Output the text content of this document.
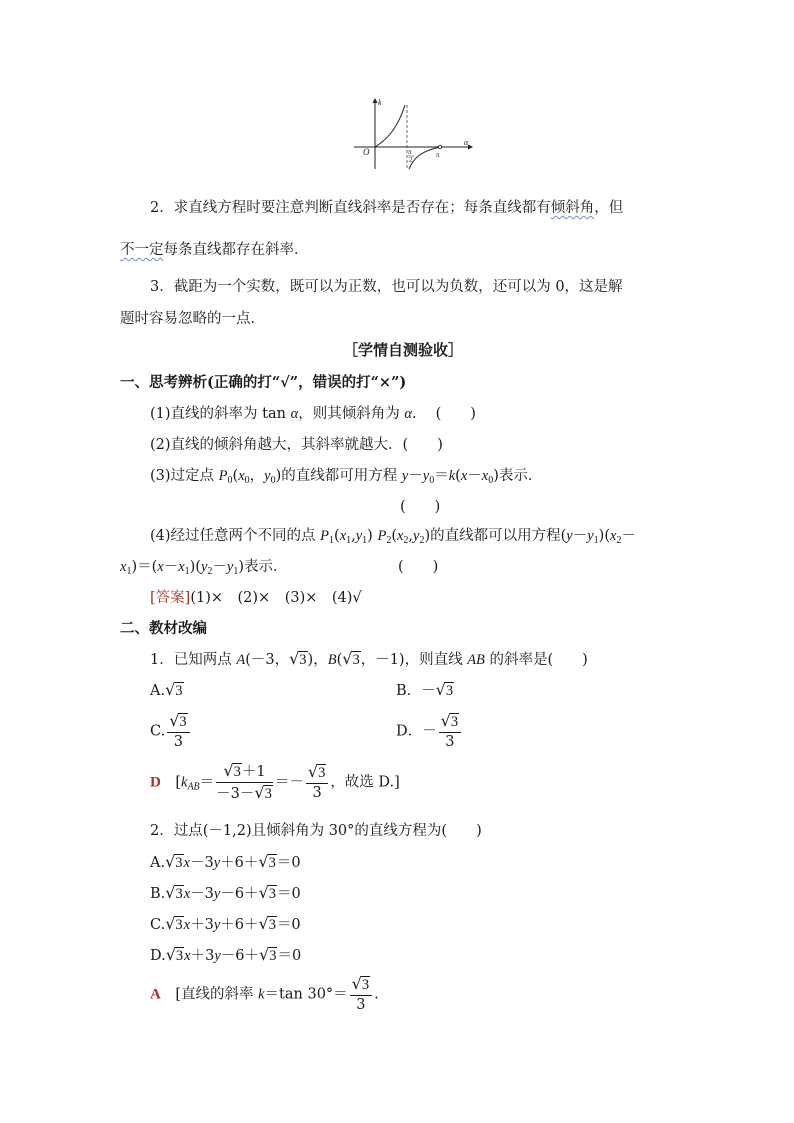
k
O	π
2
π
α
2．求直线方程时要注意判断直线斜率是否存在；每条直线都有倾斜角，但
不一定每条直线都存在斜率．
3．截距为一个实数，既可以为正数，也可以为负数，还可以为 0，这是解
题时容易忽略的一点．
［学情自测验收］
一、思考辨析(正确的打“√”，错误的打“×”)
(1)直线的斜率为 tan α，则其倾斜角为 α.　 (　　)
(2)直线的倾斜角越大，其斜率就越大．(　　)
(3)过定点 $P_0(x_0$，$y_0$)的直线都可用方程 $y-y_0=k(x-x_0)$表示．
(　　)
(4)经过任意两个不同的点 $P_1(x_1,y_1)$ $P_2(x_2,y_2)$的直线都可以用方程$(y-y_1)(x_2-$
$x_1)=(x-x_1)(y_2-y_1)$表示．	(　　)
[答案](1)×　(2)×　(3)×　(4)√
二、教材改编
1．已知两点 A(－3，√3)，B(√3，－1)，则直线 AB 的斜率是(　　)
A.√3	B．－√3
C. $\frac{√3}{3}$	D．－ $\frac{√3}{3}$
D　[$k_{AB}= \frac{√3+1}{-3-√3} =- \frac{√3}{3}$ ，故选 D.]
2．过点(－1,2)且倾斜角为 30°的直线方程为(　　)
A.√3x－3y＋6＋√3＝0
B.√3x－3y－6＋√3＝0
C.√3x＋3y＋6＋√3＝0
D.√3x＋3y－6＋√3＝0
A　[直线的斜率 k＝tan $30^\circ= \frac{√3}{3}$ .
